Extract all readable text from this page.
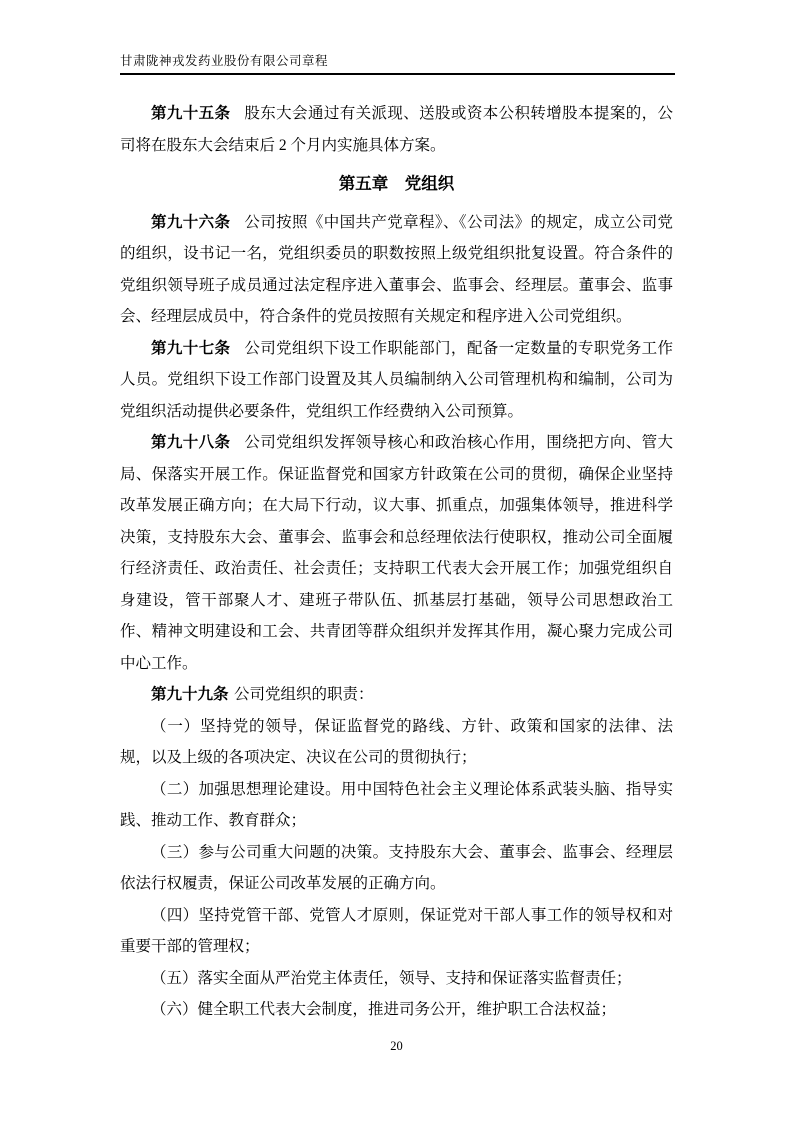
甘肃陇神戎发药业股份有限公司章程

第九十五条 股东大会通过有关派现、送股或资本公积转增股本提案的，公司将在股东大会结束后 2 个月内实施具体方案。

第五章　党组织

第九十六条 公司按照《中国共产党章程》、《公司法》的规定，成立公司党的组织，设书记一名，党组织委员的职数按照上级党组织批复设置。符合条件的党组织领导班子成员通过法定程序进入董事会、监事会、经理层。董事会、监事会、经理层成员中，符合条件的党员按照有关规定和程序进入公司党组织。

第九十七条 公司党组织下设工作职能部门，配备一定数量的专职党务工作人员。党组织下设工作部门设置及其人员编制纳入公司管理机构和编制，公司为党组织活动提供必要条件，党组织工作经费纳入公司预算。

第九十八条 公司党组织发挥领导核心和政治核心作用，围绕把方向、管大局、保落实开展工作。保证监督党和国家方针政策在公司的贯彻，确保企业坚持改革发展正确方向；在大局下行动，议大事、抓重点，加强集体领导，推进科学决策，支持股东大会、董事会、监事会和总经理依法行使职权，推动公司全面履行经济责任、政治责任、社会责任；支持职工代表大会开展工作；加强党组织自身建设，管干部聚人才、建班子带队伍、抓基层打基础，领导公司思想政治工作、精神文明建设和工会、共青团等群众组织并发挥其作用，凝心聚力完成公司中心工作。

第九十九条 公司党组织的职责：

（一）坚持党的领导，保证监督党的路线、方针、政策和国家的法律、法规，以及上级的各项决定、决议在公司的贯彻执行；

（二）加强思想理论建设。用中国特色社会主义理论体系武装头脑、指导实践、推动工作、教育群众；

（三）参与公司重大问题的决策。支持股东大会、董事会、监事会、经理层依法行权履责，保证公司改革发展的正确方向。

（四）坚持党管干部、党管人才原则，保证党对干部人事工作的领导权和对重要干部的管理权；

（五）落实全面从严治党主体责任，领导、支持和保证落实监督责任；

（六）健全职工代表大会制度，推进司务公开，维护职工合法权益；

20
